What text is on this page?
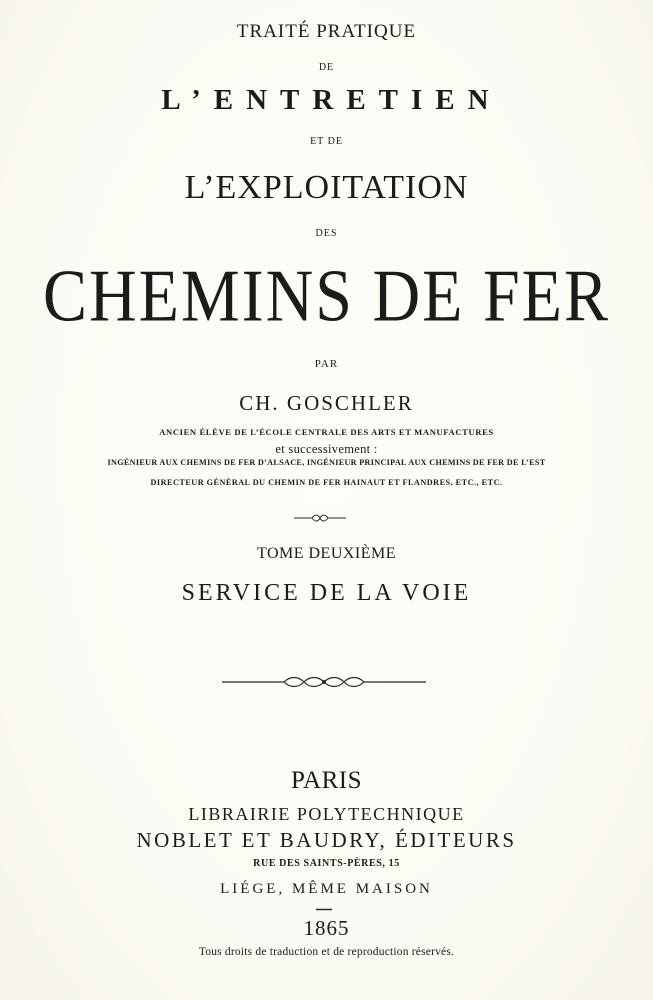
TRAITÉ PRATIQUE
DE
L’ENTRETIEN
ET DE
L’EXPLOITATION
DES
CHEMINS DE FER
PAR
CH. GOSCHLER
ANCIEN ÉLÈVE DE L’ÉCOLE CENTRALE DES ARTS ET MANUFACTURES
et successivement :
INGÉNIEUR AUX CHEMINS DE FER D’ALSACE, INGÉNIEUR PRINCIPAL AUX CHEMINS DE FER DE L’EST
DIRECTEUR GÉNÉRAL DU CHEMIN DE FER HAINAUT ET FLANDRES, ETC., ETC.
TOME DEUXIÈME
SERVICE DE LA VOIE
PARIS
LIBRAIRIE POLYTECHNIQUE
NOBLET ET BAUDRY, ÉDITEURS
RUE DES SAINTS-PÈRES, 15
LIÉGE, MÊME MAISON
1865
Tous droits de traduction et de reproduction réservés.
